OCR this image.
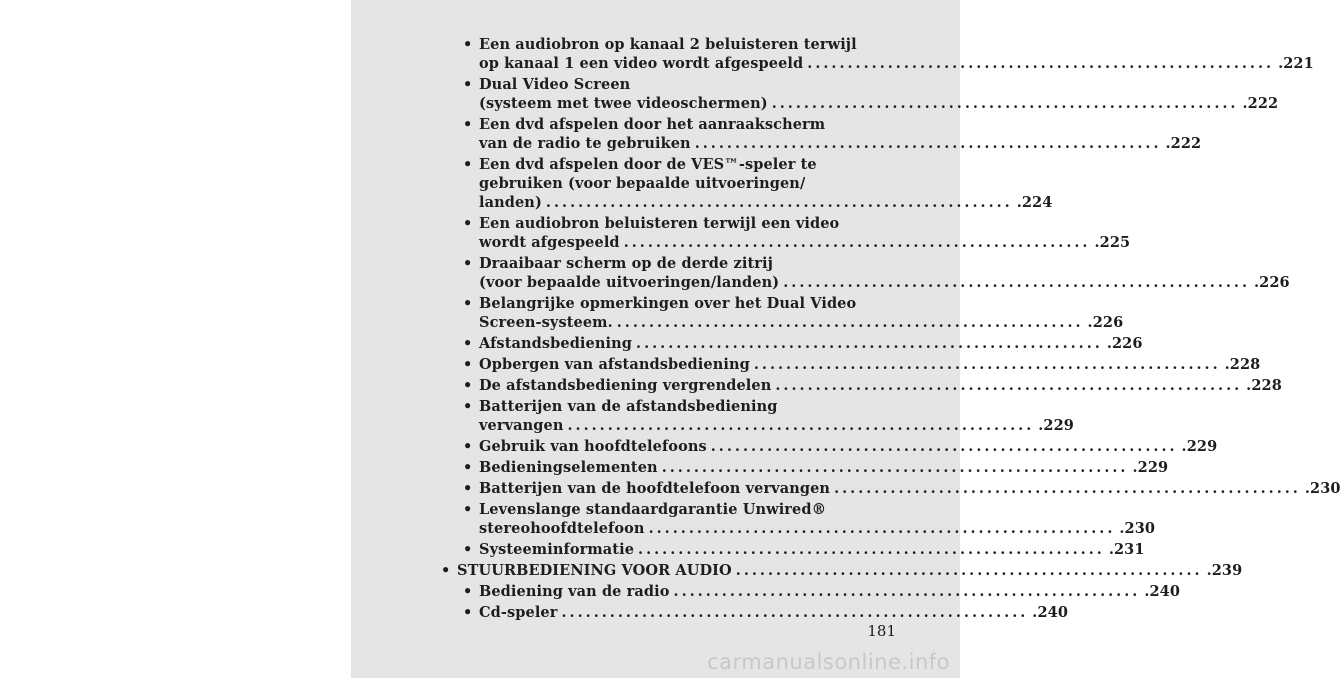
• Een audiobron op kanaal 2 beluisteren terwijl
op kanaal 1 een video wordt afgespeeld .......................................................... .221
• Dual Video Screen
(systeem met twee videoschermen) .......................................................... .222
• Een dvd afspelen door het aanraakscherm
van de radio te gebruiken .......................................................... .222
• Een dvd afspelen door de VES™-speler te
gebruiken (voor bepaalde uitvoeringen/
landen) .......................................................... .224
• Een audiobron beluisteren terwijl een video
wordt afgespeeld .......................................................... .225
• Draaibaar scherm op de derde zitrij
(voor bepaalde uitvoeringen/landen) .......................................................... .226
• Belangrijke opmerkingen over het Dual Video
Screen-systeem. .......................................................... .226
• Afstandsbediening .......................................................... .226
• Opbergen van afstandsbediening .......................................................... .228
• De afstandsbediening vergrendelen .......................................................... .228
• Batterijen van de afstandsbediening
vervangen .......................................................... .229
• Gebruik van hoofdtelefoons .......................................................... .229
• Bedieningselementen .......................................................... .229
• Batterijen van de hoofdtelefoon vervangen .......................................................... .230
• Levenslange standaardgarantie Unwired®
stereohoofdtelefoon .......................................................... .230
• Systeeminformatie .......................................................... .231
• STUURBEDIENING VOOR AUDIO .......................................................... .239
• Bediening van de radio .......................................................... .240
• Cd-speler .......................................................... .240
181
carmanualsonline.info
